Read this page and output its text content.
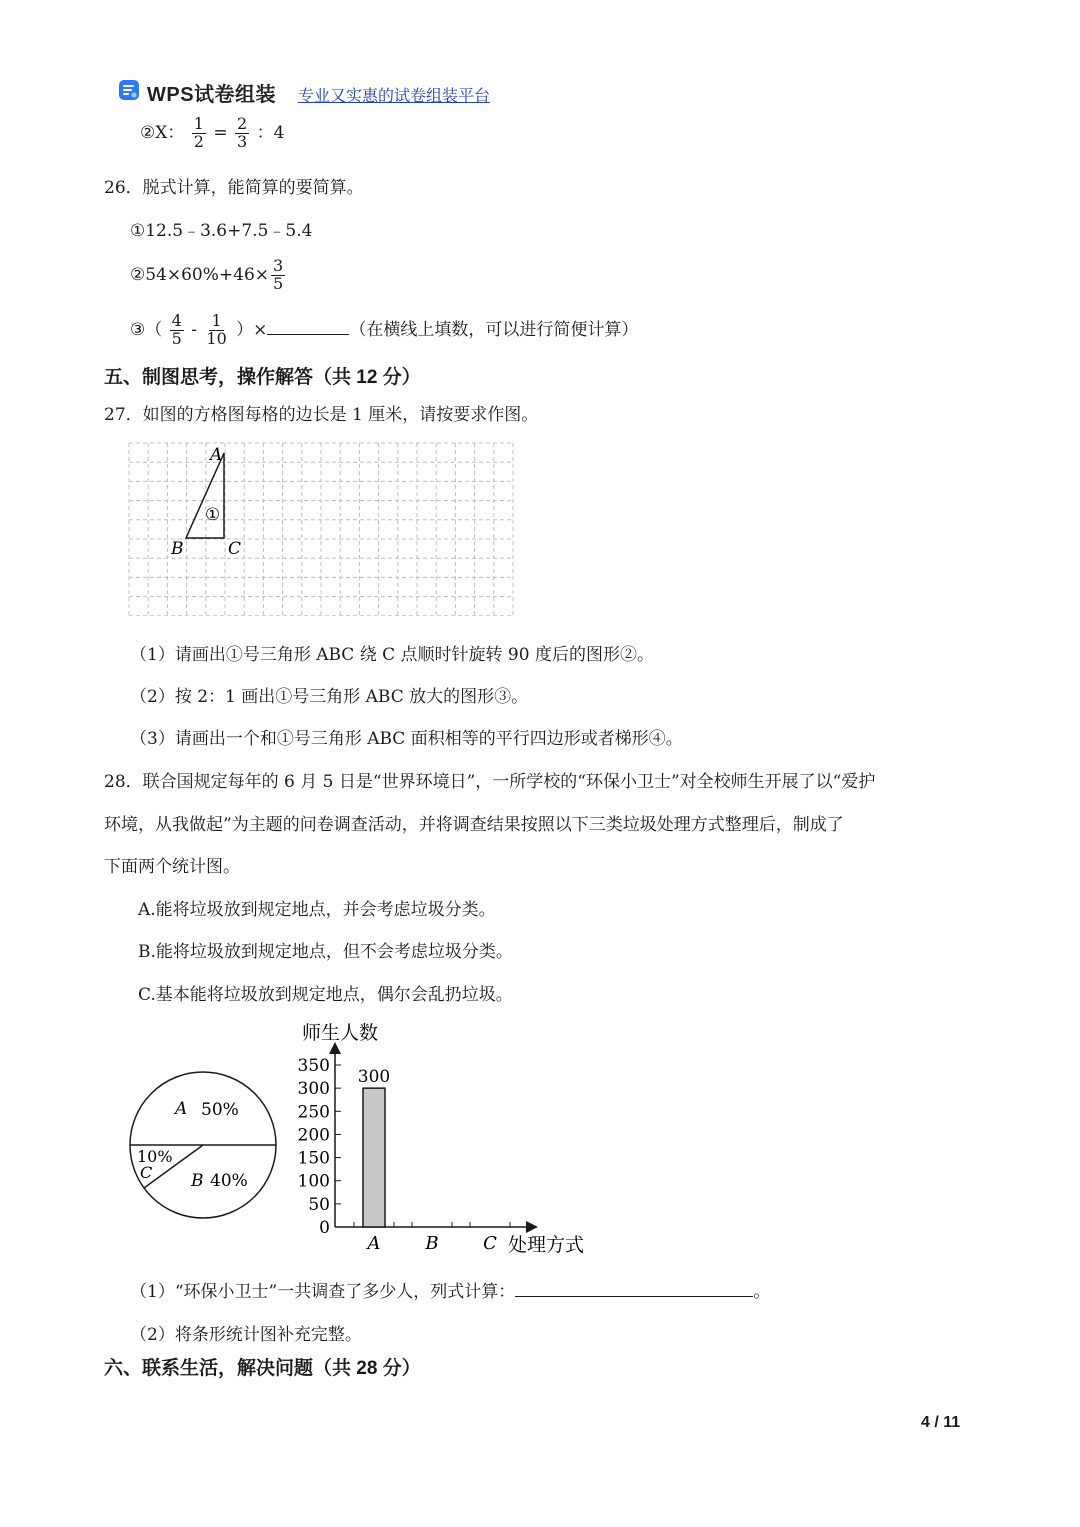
WPS试卷组装 专业又实惠的试卷组装平台
②X： $\frac{1}{2} = \frac{2}{3}$ ：4
26．脱式计算，能简算的要简算。
①12.5﹣3.6+7.5﹣5.4
②54×60%+46× $\frac{3}{5}$
③（ $\frac{4}{5} - \frac{1}{10}$ ）×	（在横线上填数，可以进行简便计算）
五、制图思考，操作解答（共 12 分）
27．如图的方格图每格的边长是 1 厘米，请按要求作图。
A
B	C
①
（1）请画出①号三角形 ABC 绕 C 点顺时针旋转 90 度后的图形②。
（2）按 2：1 画出①号三角形 ABC 放大的图形③。
（3）请画出一个和①号三角形 ABC 面积相等的平行四边形或者梯形④。
28．联合国规定每年的 6 月 5 日是“世界环境日”，一所学校的“环保小卫士”对全校师生开展了以“爱护
环境，从我做起”为主题的问卷调查活动，并将调查结果按照以下三类垃圾处理方式整理后，制成了
下面两个统计图。
A.能将垃圾放到规定地点，并会考虑垃圾分类。
B.能将垃圾放到规定地点，但不会考虑垃圾分类。
C.基本能将垃圾放到规定地点，偶尔会乱扔垃圾。
A 50%
B 40%
10%
C
师生人数
0
50
100
150
200
250
300
350
A B C
300
处理方式
（1）“环保小卫士”一共调查了多少人，列式计算：	。
（2）将条形统计图补充完整。
六、联系生活，解决问题（共 28 分）
4 / 11
